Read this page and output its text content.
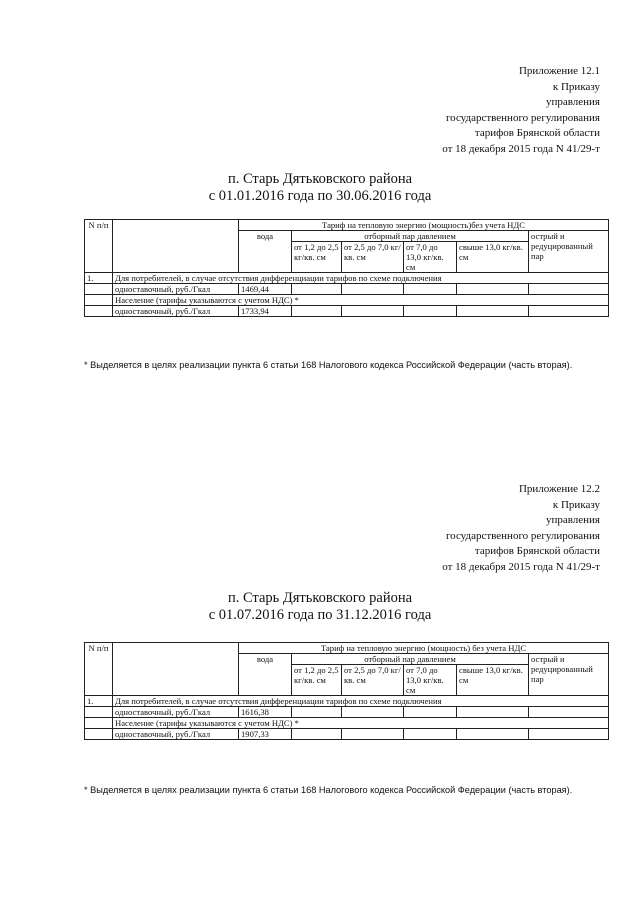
Приложение 12.1
к Приказу
управления
государственного регулирования
тарифов Брянской области
от 18 декабря 2015 года N 41/29-т
п. Старь Дятьковского района
с 01.01.2016 года по 30.06.2016 года
N п/п		Тариф на тепловую энергию (мощность)без учета НДС					
		вода	отборный пар давлением				острый и редуцированный пар
			от 1,2 до 2,5 кг/кв. см	от 2,5 до 7,0 кг/кв. см	от 7,0 до 13,0 кг/кв. см	свыше 13,0 кг/кв. см	
1.	Для потребителей, в случае отсутствия дифференциации тарифов по схеме подключения						
	одноставочный, руб./Гкал	1469,44					
	Население (тарифы указываются с учетом НДС) *						
	одноставочный, руб./Гкал	1733,94					
* Выделяется в целях реализации пункта 6 статьи 168 Налогового кодекса Российской Федерации (часть вторая).
Приложение 12.2
к Приказу
управления
государственного регулирования
тарифов Брянской области
от 18 декабря 2015 года N 41/29-т
п. Старь Дятьковского района
с 01.07.2016 года по 31.12.2016 года
N п/п		Тариф на тепловую энергию (мощность) без учета НДС					
		вода	отборный пар давлением				острый и редуцированный пар
			от 1,2 до 2,5 кг/кв. см	от 2,5 до 7,0 кг/кв. см	от 7,0 до 13,0 кг/кв. см	свыше 13,0 кг/кв. см	
1.	Для потребителей, в случае отсутствия дифференциации тарифов по схеме подключения						
	одноставочный, руб./Гкал	1616,38					
	Население (тарифы указываются с учетом НДС) *						
	одноставочный, руб./Гкал	1907,33					
* Выделяется в целях реализации пункта 6 статьи 168 Налогового кодекса Российской Федерации (часть вторая).
